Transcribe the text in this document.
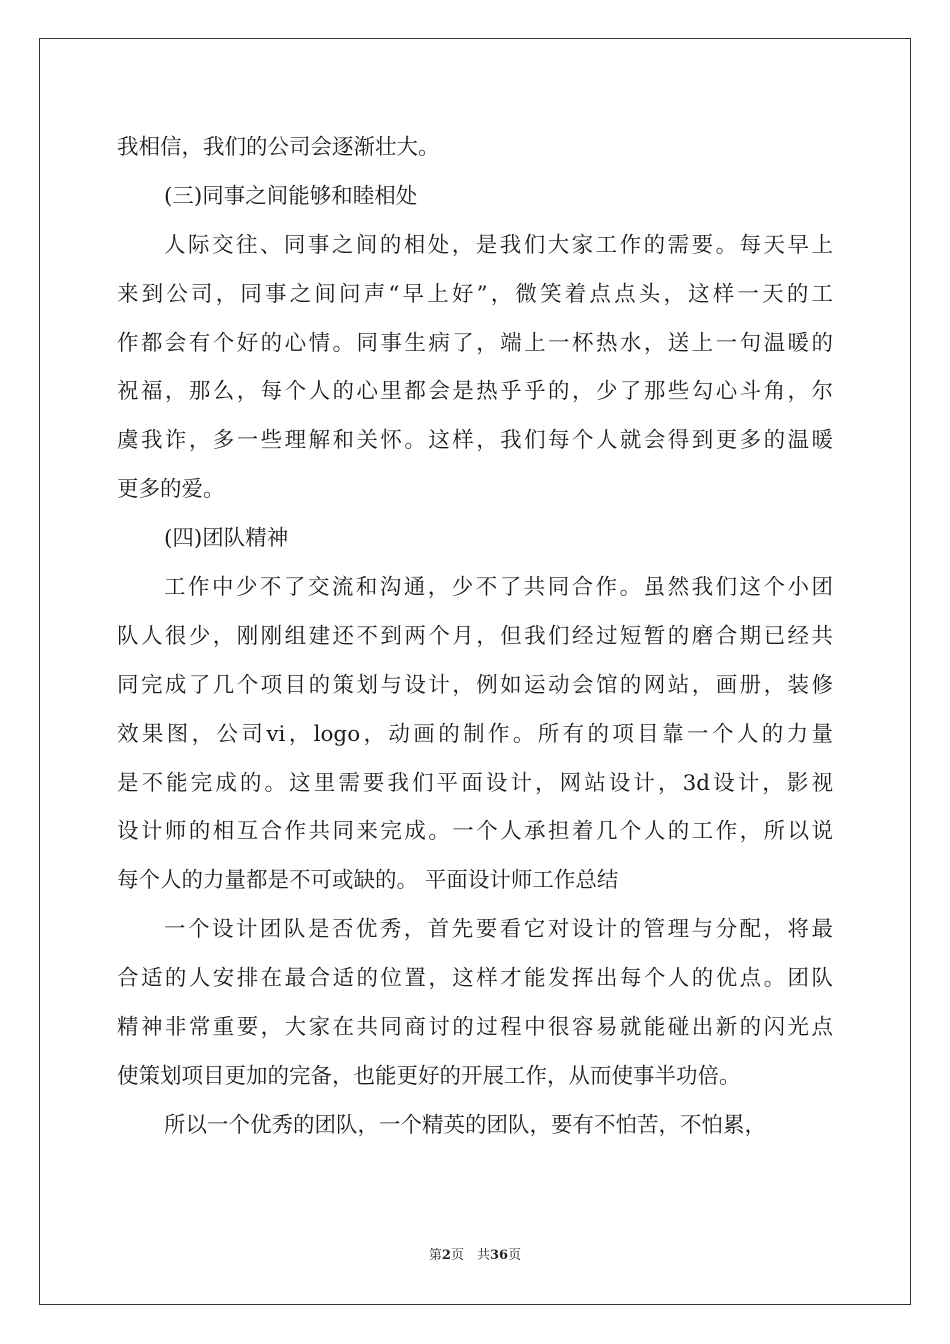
我相信，我们的公司会逐渐壮大。
(三)同事之间能够和睦相处
人际交往、同事之间的相处，是我们大家工作的需要。每天早上
来到公司，同事之间问声“早上好”，微笑着点点头，这样一天的工
作都会有个好的心情。同事生病了，端上一杯热水，送上一句温暖的
祝福，那么，每个人的心里都会是热乎乎的，少了那些勾心斗角，尔
虞我诈，多一些理解和关怀。这样，我们每个人就会得到更多的温暖
更多的爱。
(四)团队精神
工作中少不了交流和沟通，少不了共同合作。虽然我们这个小团
队人很少，刚刚组建还不到两个月，但我们经过短暂的磨合期已经共
同完成了几个项目的策划与设计，例如运动会馆的网站，画册，装修
效果图，公司vi，logo，动画的制作。所有的项目靠一个人的力量
是不能完成的。这里需要我们平面设计，网站设计，3d设计，影视
设计师的相互合作共同来完成。一个人承担着几个人的工作，所以说
每个人的力量都是不可或缺的。 平面设计师工作总结
一个设计团队是否优秀，首先要看它对设计的管理与分配，将最
合适的人安排在最合适的位置，这样才能发挥出每个人的优点。团队
精神非常重要，大家在共同商讨的过程中很容易就能碰出新的闪光点
使策划项目更加的完备，也能更好的开展工作，从而使事半功倍。
所以一个优秀的团队，一个精英的团队，要有不怕苦，不怕累，
第2页　共36页
